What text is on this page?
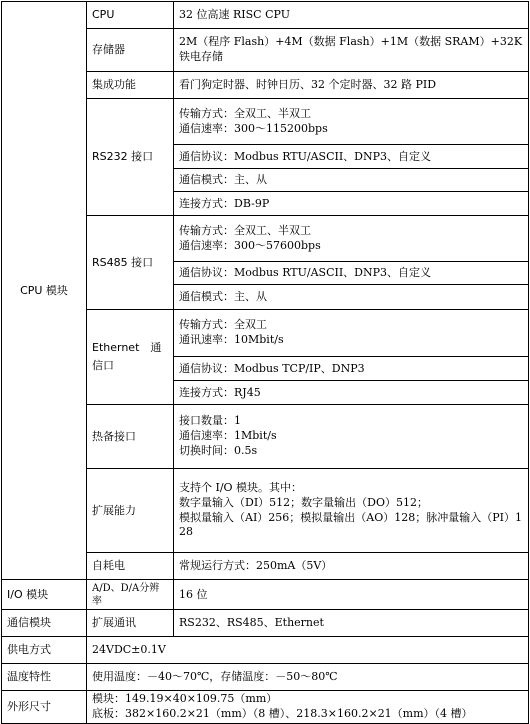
CPU 模块	CPU	32 位高速 RISC CPU
	存储器	2M（程序 Flash）+4M（数据 Flash）+1M（数据 SRAM）+32K 铁电存储
	集成功能	看门狗定时器、时钟日历、32 个定时器、32 路 PID
	RS232 接口	传输方式：全双工、半双工
通信速率：300～115200bps

		通信协议：Modbus RTU/ASCII、DNP3、自定义
		通信模式：主、从
		连接方式：DB-9P
	RS485 接口	传输方式：全双工、半双工
通信速率：300～57600bps

		通信协议：Modbus RTU/ASCII、DNP3、自定义
		通信模式：主、从
	Ethernet　通　信口	传输方式：全双工
通讯速率：10Mbit/s

		通信协议：Modbus TCP/IP、DNP3
		连接方式：RJ45
	热备接口	接口数量：1
通信速率：1Mbit/s
切换时间：0.5s

	扩展能力	支持个 I/O 模块。其中：
数字量输入（DI）512；数字量输出（DO）512；
模拟量输入（AI）256；模拟量输出（AO）128；脉冲量输入（PI）128

	自耗电	常规运行方式：250mA（5V）
I/O 模块	A/D、D/A分辨率	16 位
通信模块	扩展通讯	RS232、RS485、Ethernet
供电方式	24VDC±0.1V	
温度特性	使用温度：－40～70℃，存储温度：－50～80℃	
外形尺寸	模块：149.19×40×109.75（mm）
底板：382×160.2×21（mm）（8 槽）、218.3×160.2×21（mm）（4 槽）	
